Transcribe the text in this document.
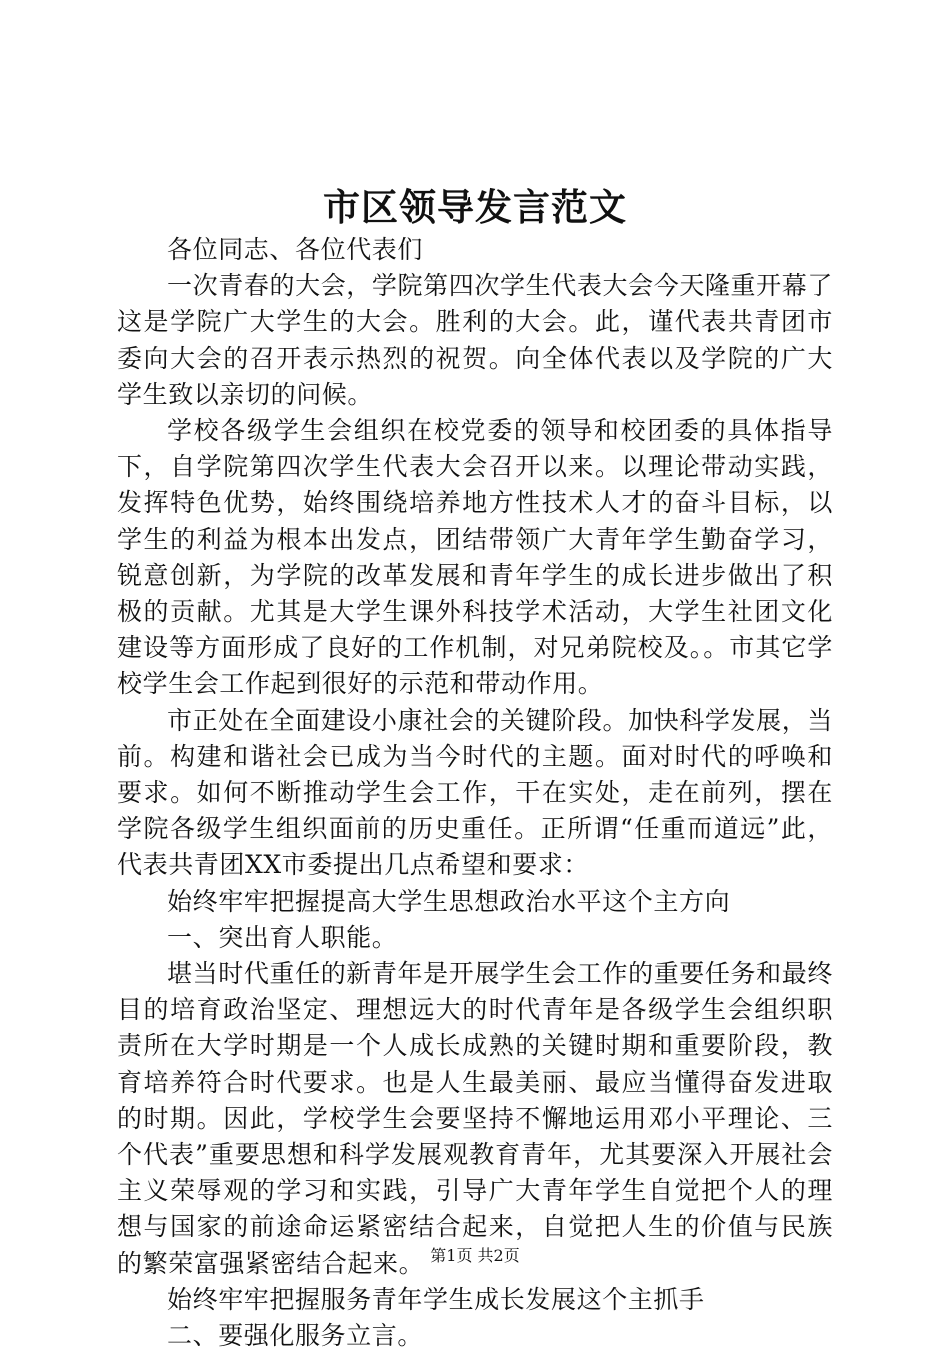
市区领导发言范文

各位同志、各位代表们

一次青春的大会，学院第四次学生代表大会今天隆重开幕了这是学院广大学生的大会。胜利的大会。此，谨代表共青团市委向大会的召开表示热烈的祝贺。向全体代表以及学院的广大学生致以亲切的问候。

学校各级学生会组织在校党委的领导和校团委的具体指导下，自学院第四次学生代表大会召开以来。以理论带动实践，发挥特色优势，始终围绕培养地方性技术人才的奋斗目标，以学生的利益为根本出发点，团结带领广大青年学生勤奋学习，锐意创新，为学院的改革发展和青年学生的成长进步做出了积极的贡献。尤其是大学生课外科技学术活动，大学生社团文化建设等方面形成了良好的工作机制，对兄弟院校及。。市其它学校学生会工作起到很好的示范和带动作用。

市正处在全面建设小康社会的关键阶段。加快科学发展，当前。构建和谐社会已成为当今时代的主题。面对时代的呼唤和要求。如何不断推动学生会工作，干在实处，走在前列，摆在学院各级学生组织面前的历史重任。正所谓“任重而道远”此，代表共青团XX市委提出几点希望和要求：

始终牢牢把握提高大学生思想政治水平这个主方向

一、突出育人职能。

堪当时代重任的新青年是开展学生会工作的重要任务和最终目的培育政治坚定、理想远大的时代青年是各级学生会组织职责所在大学时期是一个人成长成熟的关键时期和重要阶段，教育培养符合时代要求。也是人生最美丽、最应当懂得奋发进取的时期。因此，学校学生会要坚持不懈地运用邓小平理论、三个代表”重要思想和科学发展观教育青年，尤其要深入开展社会主义荣辱观的学习和实践，引导广大青年学生自觉把个人的理想与国家的前途命运紧密结合起来，自觉把人生的价值与民族的繁荣富强紧密结合起来。

始终牢牢把握服务青年学生成长发展这个主抓手

二、要强化服务立言。

第1页 共2页
